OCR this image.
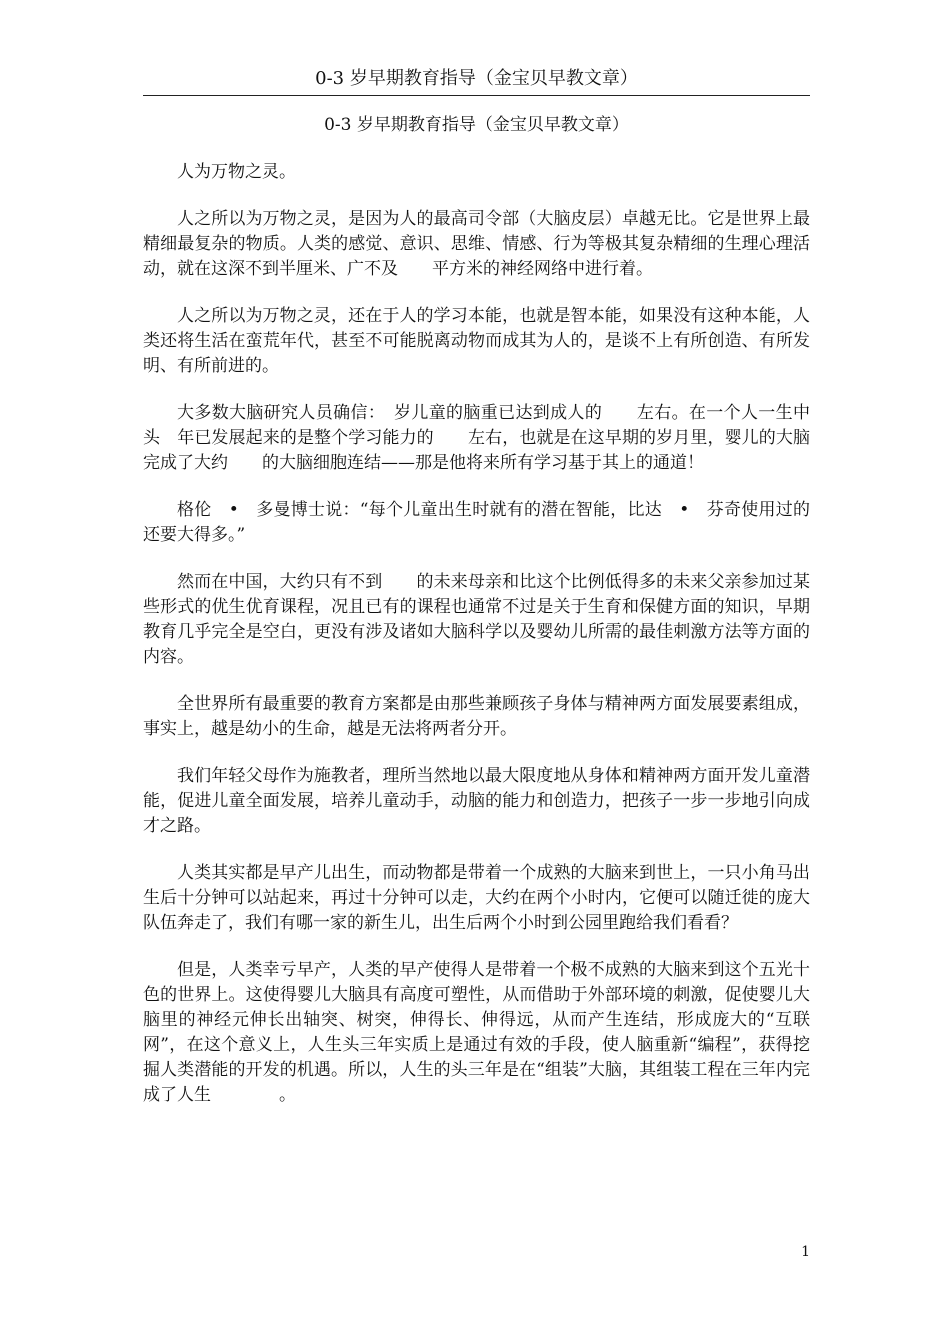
0-3 岁早期教育指导（金宝贝早教文章）
0-3 岁早期教育指导（金宝贝早教文章）

人为万物之灵。

人之所以为万物之灵，是因为人的最高司令部（大脑皮层）卓越无比。它是世界上最精细最复杂的物质。人类的感觉、意识、思维、情感、行为等极其复杂精细的生理心理活动，就在这深不到半厘米、广不及　　平方米的神经网络中进行着。

人之所以为万物之灵，还在于人的学习本能，也就是智本能，如果没有这种本能，人类还将生活在蛮荒年代，甚至不可能脱离动物而成其为人的，是谈不上有所创造、有所发明、有所前进的。

大多数大脑研究人员确信：　岁儿童的脑重已达到成人的　　左右。在一个人一生中头　年已发展起来的是整个学习能力的　　左右，也就是在这早期的岁月里，婴儿的大脑完成了大约　　的大脑细胞连结——那是他将来所有学习基于其上的通道！

格伦　•　多曼博士说：“每个儿童出生时就有的潜在智能，比达　•　芬奇使用过的还要大得多。”

然而在中国，大约只有不到　　的未来母亲和比这个比例低得多的未来父亲参加过某些形式的优生优育课程，况且已有的课程也通常不过是关于生育和保健方面的知识，早期教育几乎完全是空白，更没有涉及诸如大脑科学以及婴幼儿所需的最佳刺激方法等方面的内容。

全世界所有最重要的教育方案都是由那些兼顾孩子身体与精神两方面发展要素组成，事实上，越是幼小的生命，越是无法将两者分开。

我们年轻父母作为施教者，理所当然地以最大限度地从身体和精神两方面开发儿童潜能，促进儿童全面发展，培养儿童动手，动脑的能力和创造力，把孩子一步一步地引向成才之路。

人类其实都是早产儿出生，而动物都是带着一个成熟的大脑来到世上，一只小角马出生后十分钟可以站起来，再过十分钟可以走，大约在两个小时内，它便可以随迁徙的庞大队伍奔走了，我们有哪一家的新生儿，出生后两个小时到公园里跑给我们看看？

但是，人类幸亏早产，人类的早产使得人是带着一个极不成熟的大脑来到这个五光十色的世界上。这使得婴儿大脑具有高度可塑性，从而借助于外部环境的刺激，促使婴儿大脑里的神经元伸长出轴突、树突，伸得长、伸得远，从而产生连结，形成庞大的“互联网”，在这个意义上，人生头三年实质上是通过有效的手段，使人脑重新“编程”，获得挖掘人类潜能的开发的机遇。所以，人生的头三年是在“组装”大脑，其组装工程在三年内完成了人生　　　　。

1
